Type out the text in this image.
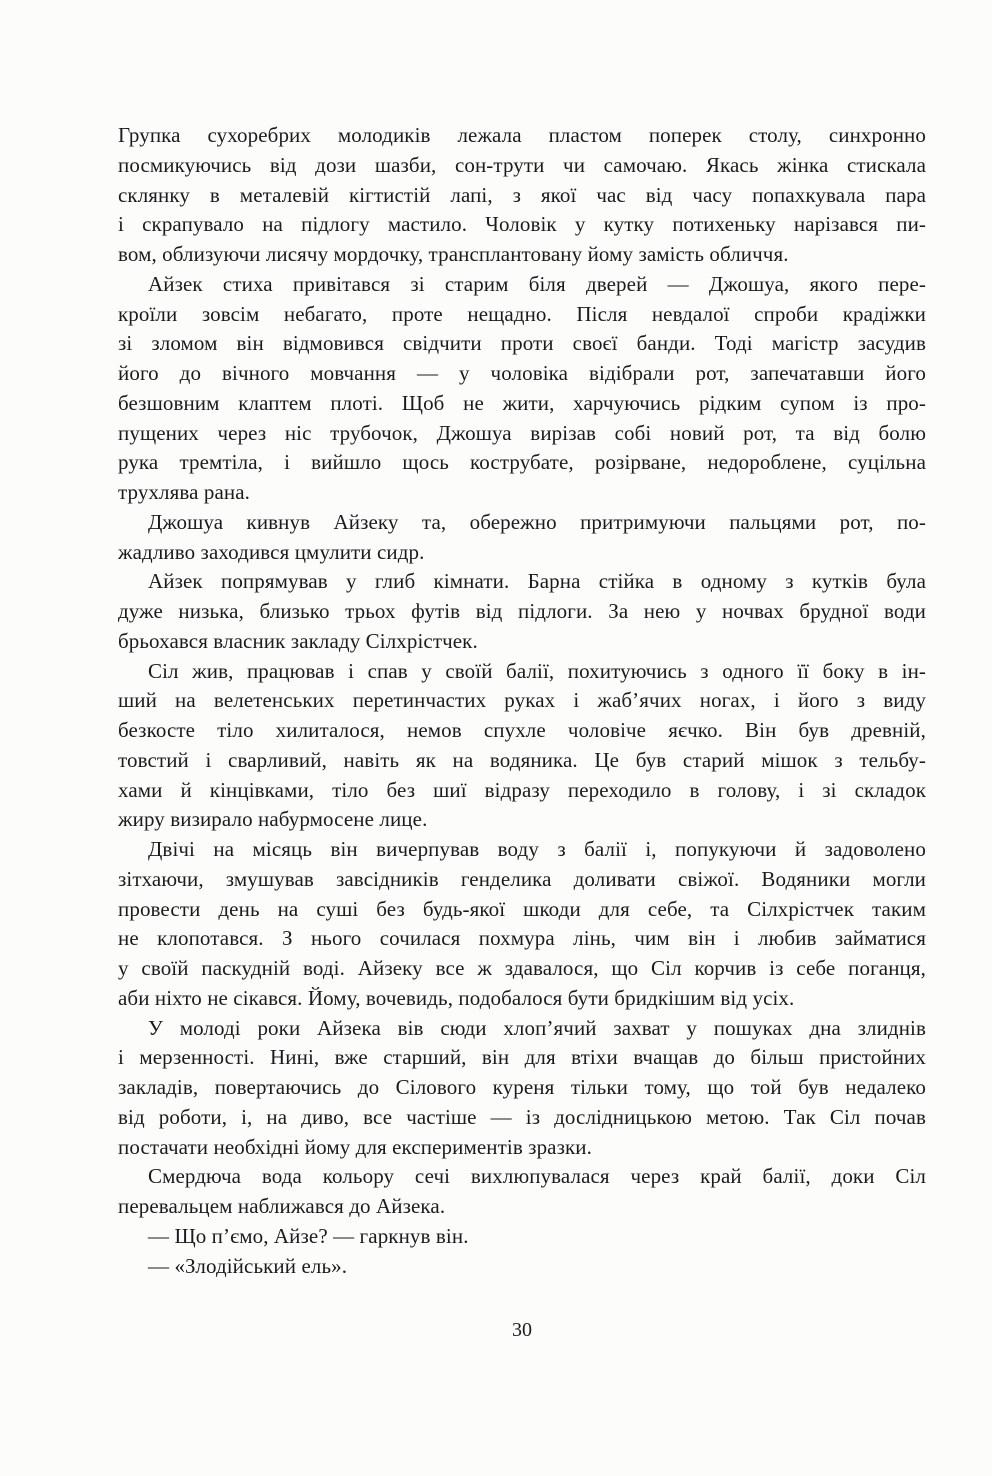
Групка сухоребрих молодиків лежала пластом поперек столу, синхронно
посмикуючись від дози шазби, сон-трути чи самочаю. Якась жінка стискала
склянку в металевій кігтистій лапі, з якої час від часу попахкувала пара
і скрапувало на підлогу мастило. Чоловік у кутку потихеньку нарізався пи-
вом, облизуючи лисячу мордочку, трансплантовану йому замість обличчя.
Айзек стиха привітався зі старим біля дверей — Джошуа, якого пере-
кроїли зовсім небагато, проте нещадно. Після невдалої спроби крадіжки
зі зломом він відмовився свідчити проти своєї банди. Тоді магістр засудив
його до вічного мовчання — у чоловіка відібрали рот, запечатавши його
безшовним клаптем плоті. Щоб не жити, харчуючись рідким супом із про-
пущених через ніс трубочок, Джошуа вирізав собі новий рот, та від болю
рука тремтіла, і вийшло щось кострубате, розірване, недороблене, суцільна
трухлява рана.
Джошуа кивнув Айзеку та, обережно притримуючи пальцями рот, по-
жадливо заходився цмулити сидр.
Айзек попрямував у глиб кімнати. Барна стійка в одному з кутків була
дуже низька, близько трьох футів від підлоги. За нею у ночвах брудної води
брьохався власник закладу Сілхрістчек.
Сіл жив, працював і спав у своїй балії, похитуючись з одного її боку в ін-
ший на велетенських перетинчастих руках і жаб’ячих ногах, і його з виду
безкосте тіло хилиталося, немов спухле чоловіче яєчко. Він був древній,
товстий і сварливий, навіть як на водяника. Це був старий мішок з тельбу-
хами й кінцівками, тіло без шиї відразу переходило в голову, і зі складок
жиру визирало набурмосене лице.
Двічі на місяць він вичерпував воду з балії і, попукуючи й задоволено
зітхаючи, змушував завсідників генделика доливати свіжої. Водяники могли
провести день на суші без будь-якої шкоди для себе, та Сілхрістчек таким
не клопотався. З нього сочилася похмура лінь, чим він і любив займатися
у своїй паскудній воді. Айзеку все ж здавалося, що Сіл корчив із себе поганця,
аби ніхто не сікався. Йому, вочевидь, подобалося бути бридкішим від усіх.
У молоді роки Айзека вів сюди хлоп’ячий захват у пошуках дна злиднів
і мерзенності. Нині, вже старший, він для втіхи вчащав до більш пристойних
закладів, повертаючись до Сілового куреня тільки тому, що той був недалеко
від роботи, і, на диво, все частіше — із дослідницькою метою. Так Сіл почав
постачати необхідні йому для експериментів зразки.
Смердюча вода кольору сечі вихлюпувалася через край балії, доки Сіл
перевальцем наближався до Айзека.
— Що п’ємо, Айзе? — гаркнув він.
— «Злодійський ель».
30
